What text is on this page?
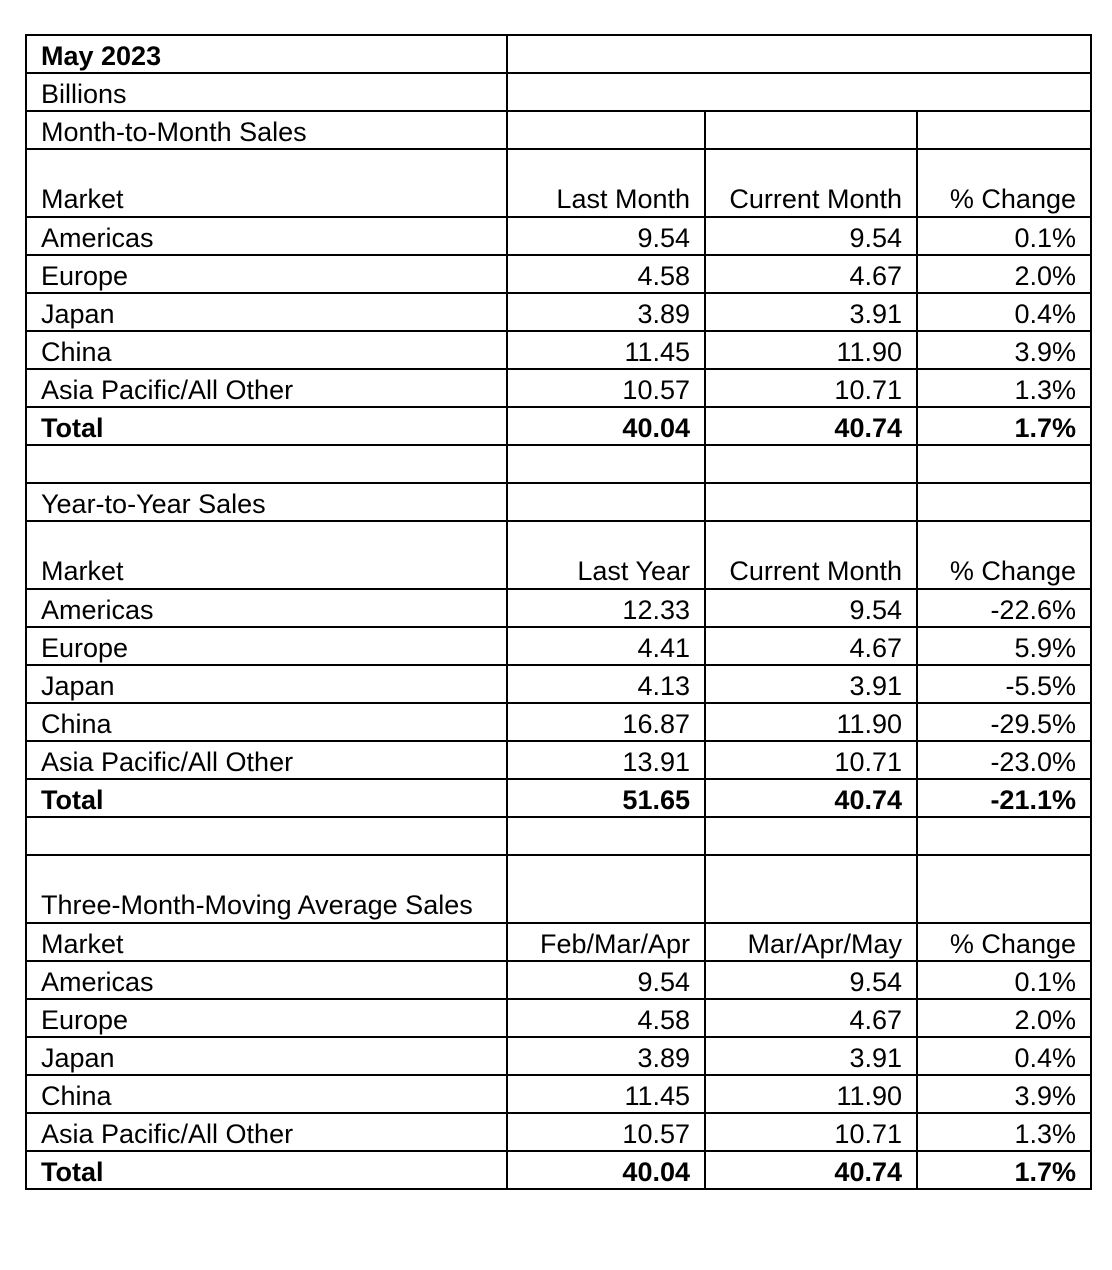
May 2023			
Billions			
Month-to-Month Sales			
Market	Last Month	Current Month	% Change
Americas	9.54	9.54	0.1%
Europe	4.58	4.67	2.0%
Japan	3.89	3.91	0.4%
China	11.45	11.90	3.9%
Asia Pacific/All Other	10.57	10.71	1.3%
Total	40.04	40.74	1.7%

Year-to-Year Sales			
Market	Last Year	Current Month	% Change
Americas	12.33	9.54	-22.6%
Europe	4.41	4.67	5.9%
Japan	4.13	3.91	-5.5%
China	16.87	11.90	-29.5%
Asia Pacific/All Other	13.91	10.71	-23.0%
Total	51.65	40.74	-21.1%

Three-Month-Moving Average Sales			
Market	Feb/Mar/Apr	Mar/Apr/May	% Change
Americas	9.54	9.54	0.1%
Europe	4.58	4.67	2.0%
Japan	3.89	3.91	0.4%
China	11.45	11.90	3.9%
Asia Pacific/All Other	10.57	10.71	1.3%
Total	40.04	40.74	1.7%
